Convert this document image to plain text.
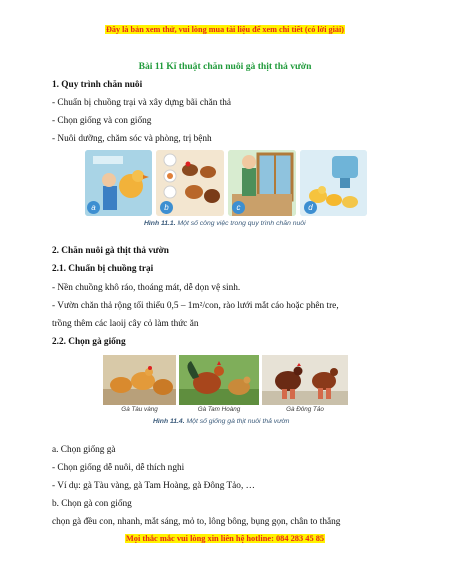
Đây là bản xem thử, vui lòng mua tài liệu để xem chi tiết (có lời giải)
Bài 11 Kĩ thuật chăn nuôi gà thịt thả vườn
1. Quy trình chăn nuôi
- Chuẩn bị chuồng trại và xây dựng bãi chăn thả
- Chọn giống và con giống
- Nuôi dưỡng, chăm sóc và phòng, trị bệnh
a	b	c	d
Hình 11.1. Một số công việc trong quy trình chăn nuôi
2. Chăn nuôi gà thịt thả vườn
2.1. Chuẩn bị chuồng trại
- Nền chuồng khô ráo, thoáng mát, dễ dọn vệ sinh.
- Vườn chăn thả rộng tối thiểu 0,5 – 1m²/con, rào lưới mắt cáo hoặc phên tre,
trồng thêm các laoij cây cỏ làm thức ăn
2.2. Chọn gà giống
Gà Tàu vàng	Gà Tam Hoàng	Gà Đông Tảo
Hình 11.4. Một số giống gà thịt nuôi thả vườn
a. Chọn giống gà
- Chọn giống dễ nuôi, dễ thích nghi
- Ví dụ: gà Tàu vàng, gà Tam Hoàng, gà Đông Tảo, …
b. Chọn gà con giống
chọn gà đều con, nhanh, mắt sáng, mỏ to, lông bông, bụng gọn, chân to thẳng
Mọi thắc mắc vui lòng xin liên hệ hotline: 084 283 45 85
